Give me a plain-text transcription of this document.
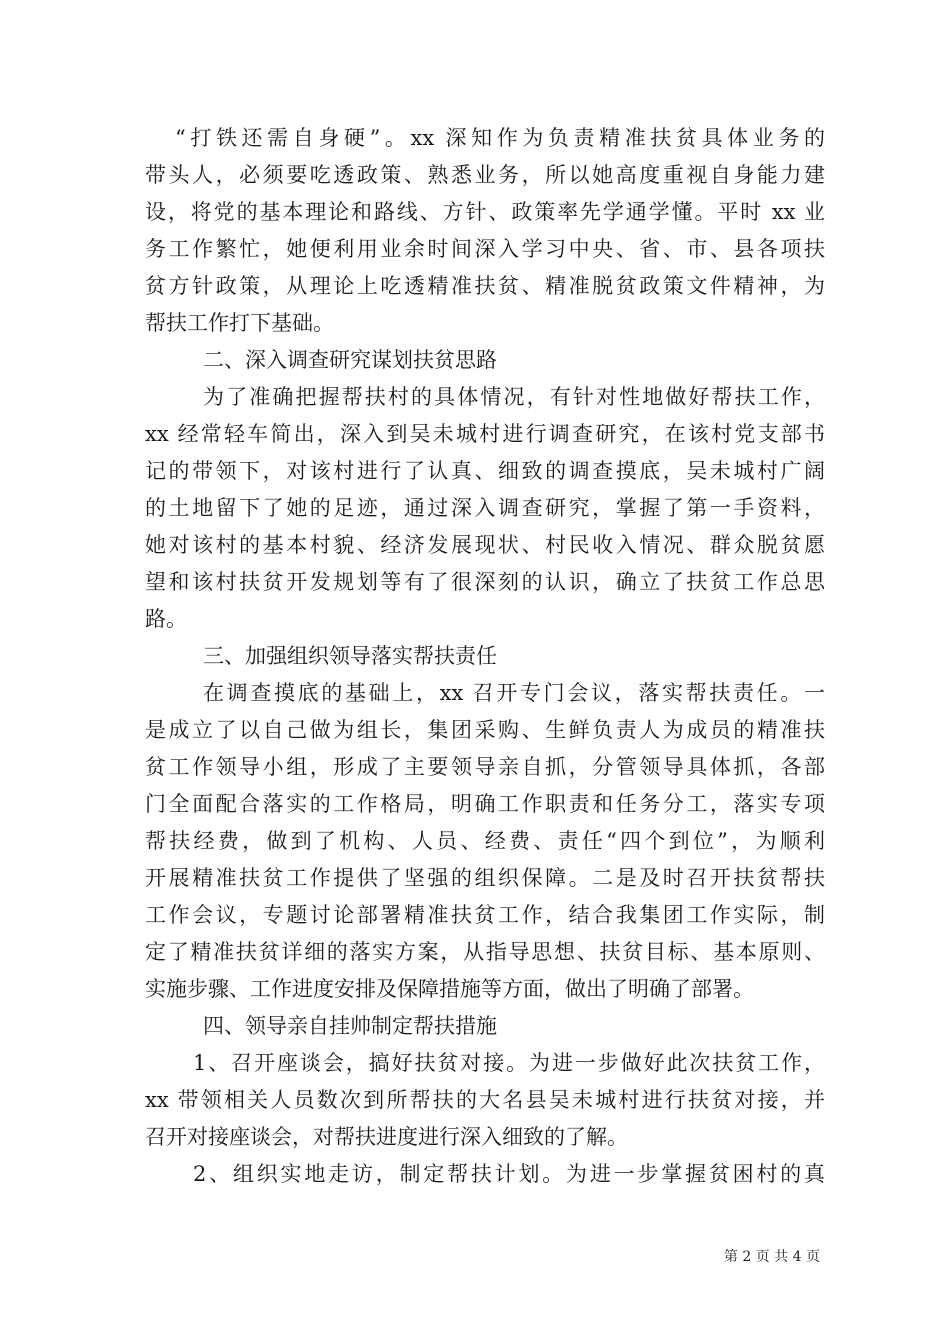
“打铁还需自身硬”。xx 深知作为负责精准扶贫具体业务的
带头人，必须要吃透政策、熟悉业务，所以她高度重视自身能力建
设，将党的基本理论和路线、方针、政策率先学通学懂。平时 xx 业
务工作繁忙，她便利用业余时间深入学习中央、省、市、县各项扶
贫方针政策，从理论上吃透精准扶贫、精准脱贫政策文件精神，为
帮扶工作打下基础。
二、深入调查研究谋划扶贫思路
为了准确把握帮扶村的具体情况，有针对性地做好帮扶工作，
xx 经常轻车简出，深入到吴未城村进行调查研究，在该村党支部书
记的带领下，对该村进行了认真、细致的调查摸底，吴未城村广阔
的土地留下了她的足迹，通过深入调查研究，掌握了第一手资料，
她对该村的基本村貌、经济发展现状、村民收入情况、群众脱贫愿
望和该村扶贫开发规划等有了很深刻的认识，确立了扶贫工作总思
路。
三、加强组织领导落实帮扶责任
在调查摸底的基础上，xx 召开专门会议，落实帮扶责任。一
是成立了以自己做为组长，集团采购、生鲜负责人为成员的精准扶
贫工作领导小组，形成了主要领导亲自抓，分管领导具体抓，各部
门全面配合落实的工作格局，明确工作职责和任务分工，落实专项
帮扶经费，做到了机构、人员、经费、责任“四个到位”，为顺利
开展精准扶贫工作提供了坚强的组织保障。二是及时召开扶贫帮扶
工作会议，专题讨论部署精准扶贫工作，结合我集团工作实际，制
定了精准扶贫详细的落实方案，从指导思想、扶贫目标、基本原则、
实施步骤、工作进度安排及保障措施等方面，做出了明确了部署。
四、领导亲自挂帅制定帮扶措施
1、召开座谈会，搞好扶贫对接。为进一步做好此次扶贫工作，
xx 带领相关人员数次到所帮扶的大名县吴未城村进行扶贫对接，并
召开对接座谈会，对帮扶进度进行深入细致的了解。
2、组织实地走访，制定帮扶计划。为进一步掌握贫困村的真
第 2 页 共 4 页
